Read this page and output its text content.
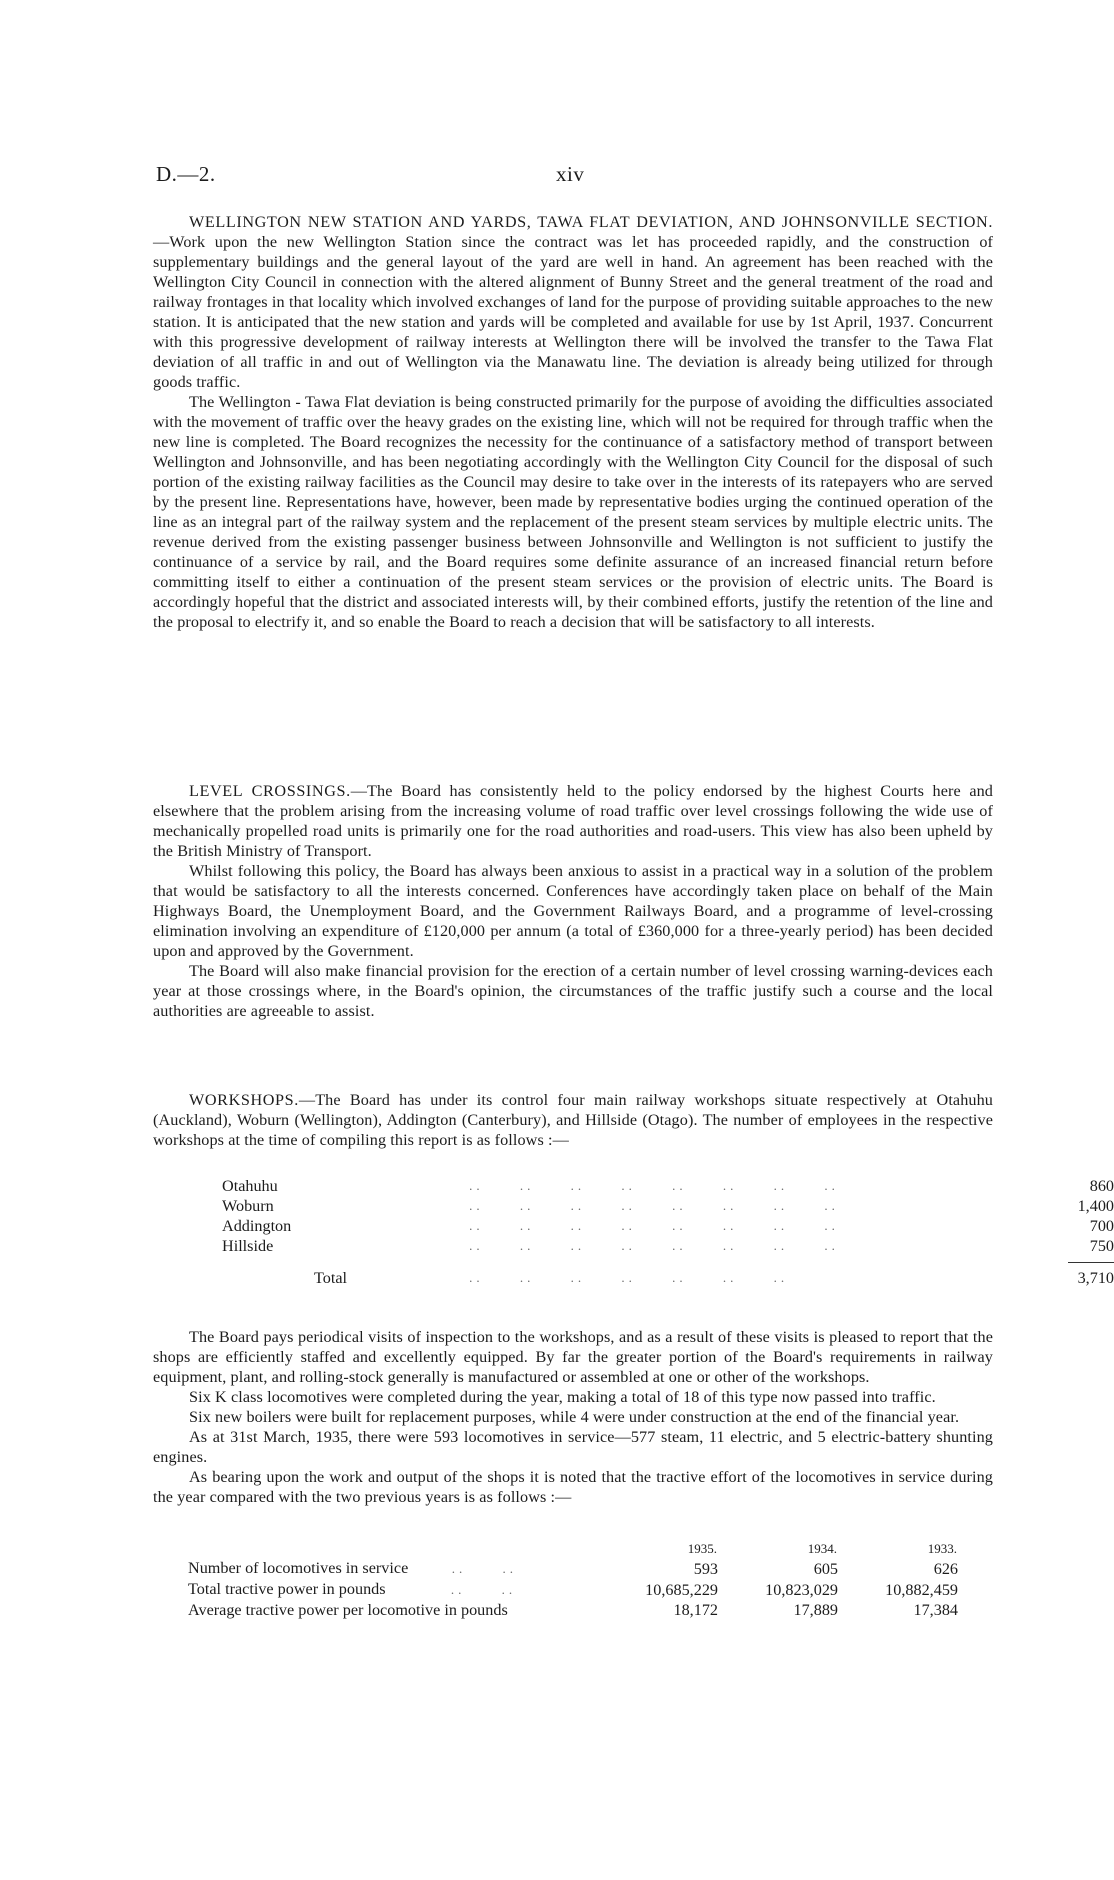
D.—2.	xiv

WELLINGTON NEW STATION AND YARDS, TAWA FLAT DEVIATION, AND JOHNSONVILLE SECTION.—Work upon the new Wellington Station since the contract was let has proceeded rapidly, and the construction of supplementary buildings and the general layout of the yard are well in hand. An agreement has been reached with the Wellington City Council in connection with the altered alignment of Bunny Street and the general treatment of the road and railway frontages in that locality which involved exchanges of land for the purpose of providing suitable approaches to the new station. It is anticipated that the new station and yards will be completed and available for use by 1st April, 1937. Concurrent with this progressive development of railway interests at Wellington there will be involved the transfer to the Tawa Flat deviation of all traffic in and out of Wellington via the Manawatu line. The deviation is already being utilized for through goods traffic.

The Wellington - Tawa Flat deviation is being constructed primarily for the purpose of avoiding the difficulties associated with the movement of traffic over the heavy grades on the existing line, which will not be required for through traffic when the new line is completed. The Board recognizes the necessity for the continuance of a satisfactory method of transport between Wellington and Johnsonville, and has been negotiating accordingly with the Wellington City Council for the disposal of such portion of the existing railway facilities as the Council may desire to take over in the interests of its ratepayers who are served by the present line. Representations have, however, been made by representative bodies urging the continued operation of the line as an integral part of the railway system and the replacement of the present steam services by multiple electric units. The revenue derived from the existing passenger business between Johnsonville and Wellington is not sufficient to justify the continuance of a service by rail, and the Board requires some definite assurance of an increased financial return before committing itself to either a continuation of the present steam services or the provision of electric units. The Board is accordingly hopeful that the district and associated interests will, by their combined efforts, justify the retention of the line and the proposal to electrify it, and so enable the Board to reach a decision that will be satisfactory to all interests.

LEVEL CROSSINGS.—The Board has consistently held to the policy endorsed by the highest Courts here and elsewhere that the problem arising from the increasing volume of road traffic over level crossings following the wide use of mechanically propelled road units is primarily one for the road authorities and road-users. This view has also been upheld by the British Ministry of Transport.

Whilst following this policy, the Board has always been anxious to assist in a practical way in a solution of the problem that would be satisfactory to all the interests concerned. Conferences have accordingly taken place on behalf of the Main Highways Board, the Unemployment Board, and the Government Railways Board, and a programme of level-crossing elimination involving an expenditure of £120,000 per annum (a total of £360,000 for a three-yearly period) has been decided upon and approved by the Government.

The Board will also make financial provision for the erection of a certain number of level crossing warning-devices each year at those crossings where, in the Board's opinion, the circumstances of the traffic justify such a course and the local authorities are agreeable to assist.

WORKSHOPS.—The Board has under its control four main railway workshops situate respectively at Otahuhu (Auckland), Woburn (Wellington), Addington (Canterbury), and Hillside (Otago). The number of employees in the respective workshops at the time of compiling this report is as follows :—

Otahuhu	..     ..     ..     ..     ..     ..     ..     ..	860
Woburn	..     ..     ..     ..     ..     ..     ..     ..	1,400
Addington	..     ..     ..     ..     ..     ..     ..     ..	700
Hillside	..     ..     ..     ..     ..     ..     ..     ..	750

Total	..     ..     ..     ..     ..     ..     ..	3,710

The Board pays periodical visits of inspection to the workshops, and as a result of these visits is pleased to report that the shops are efficiently staffed and excellently equipped. By far the greater portion of the Board's requirements in railway equipment, plant, and rolling-stock generally is manufactured or assembled at one or other of the workshops.

Six K class locomotives were completed during the year, making a total of 18 of this type now passed into traffic.

Six new boilers were built for replacement purposes, while 4 were under construction at the end of the financial year.

As at 31st March, 1935, there were 593 locomotives in service—577 steam, 11 electric, and 5 electric-battery shunting engines.

As bearing upon the work and output of the shops it is noted that the tractive effort of the locomotives in service during the year compared with the two previous years is as follows :—

	1935.	1934.	1933.
Number of locomotives in service      ..     ..	593	605	626
Total tractive power in pounds         ..     ..	10,685,229	10,823,029	10,882,459
Average tractive power per locomotive in pounds	18,172	17,889	17,384
